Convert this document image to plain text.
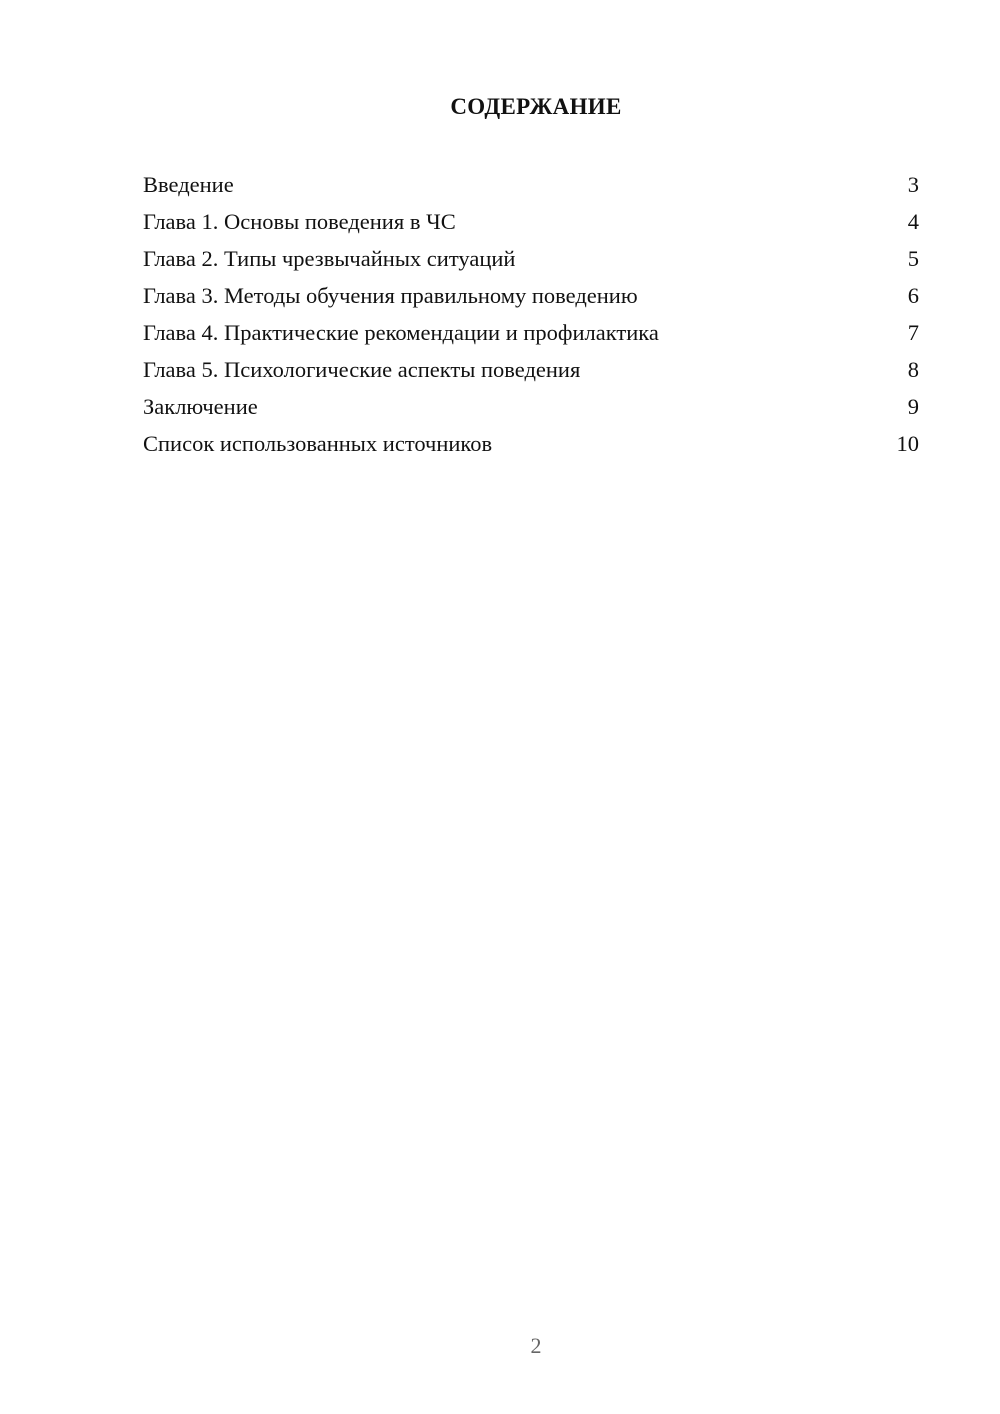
СОДЕРЖАНИЕ
Введение	3
Глава 1. Основы поведения в ЧС	4
Глава 2. Типы чрезвычайных ситуаций	5
Глава 3. Методы обучения правильному поведению	6
Глава 4. Практические рекомендации и профилактика	7
Глава 5. Психологические аспекты поведения	8
Заключение	9
Список использованных источников	10
2
